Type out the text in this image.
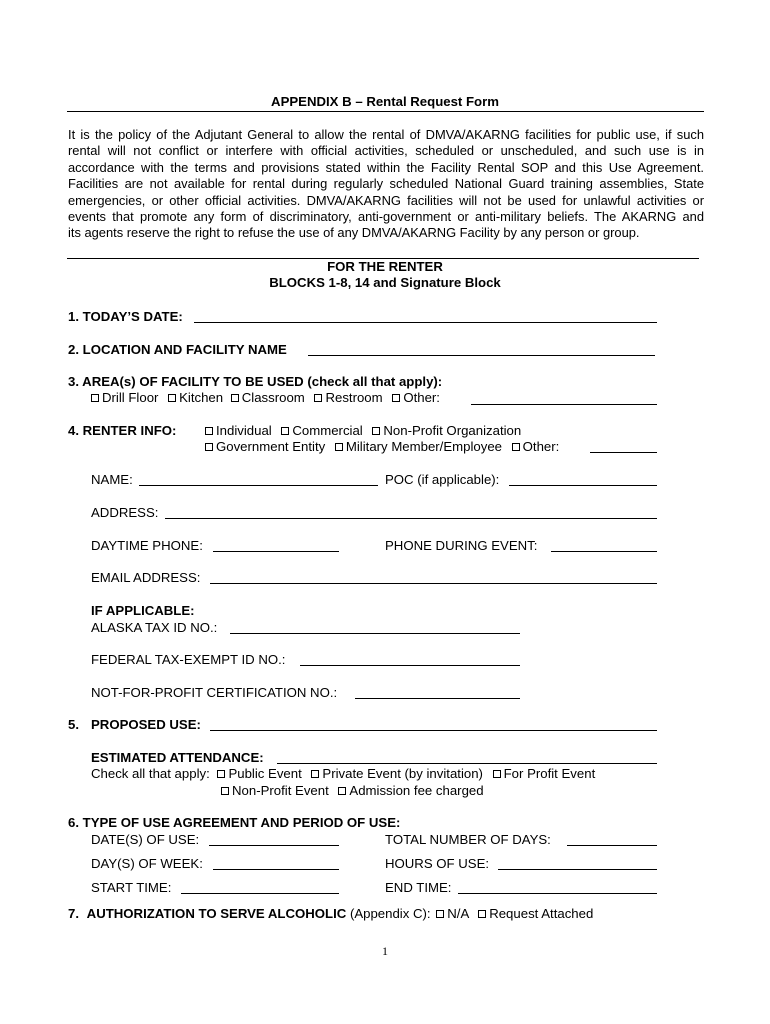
APPENDIX B – Rental Request Form
It is the policy of the Adjutant General to allow the rental of DMVA/AKARNG facilities for public use, if such
rental will not conflict or interfere with official activities, scheduled or unscheduled, and such use is in
accordance with the terms and provisions stated within the Facility Rental SOP and this Use Agreement.
Facilities are not available for rental during regularly scheduled National Guard training assemblies, State
emergencies, or other official activities. DMVA/AKARNG facilities will not be used for unlawful activities or
events that promote any form of discriminatory, anti-government or anti-military beliefs. The AKARNG and
its agents reserve the right to refuse the use of any DMVA/AKARNG Facility by any person or group.
FOR THE RENTER
BLOCKS 1-8, 14 and Signature Block
1. TODAY’S DATE:
2. LOCATION AND FACILITY NAME
3. AREA(s) OF FACILITY TO BE USED (check all that apply):
Drill Floor Kitchen Classroom Restroom Other:
4. RENTER INFO:	Individual Commercial Non-Profit Organization
Government Entity Military Member/Employee Other:
NAME:	POC (if applicable):
ADDRESS:
DAYTIME PHONE:	PHONE DURING EVENT:
EMAIL ADDRESS:
IF APPLICABLE:
ALASKA TAX ID NO.:
FEDERAL TAX-EXEMPT ID NO.:
NOT-FOR-PROFIT CERTIFICATION NO.:
5. PROPOSED USE:
ESTIMATED ATTENDANCE:
Check all that apply: Public Event Private Event (by invitation) For Profit Event
Non-Profit Event Admission fee charged
6. TYPE OF USE AGREEMENT AND PERIOD OF USE:
DATE(S) OF USE:	TOTAL NUMBER OF DAYS:
DAY(S) OF WEEK:	HOURS OF USE:
START TIME:	END TIME:
7. AUTHORIZATION TO SERVE ALCOHOLIC (Appendix C): N/A Request Attached
1
